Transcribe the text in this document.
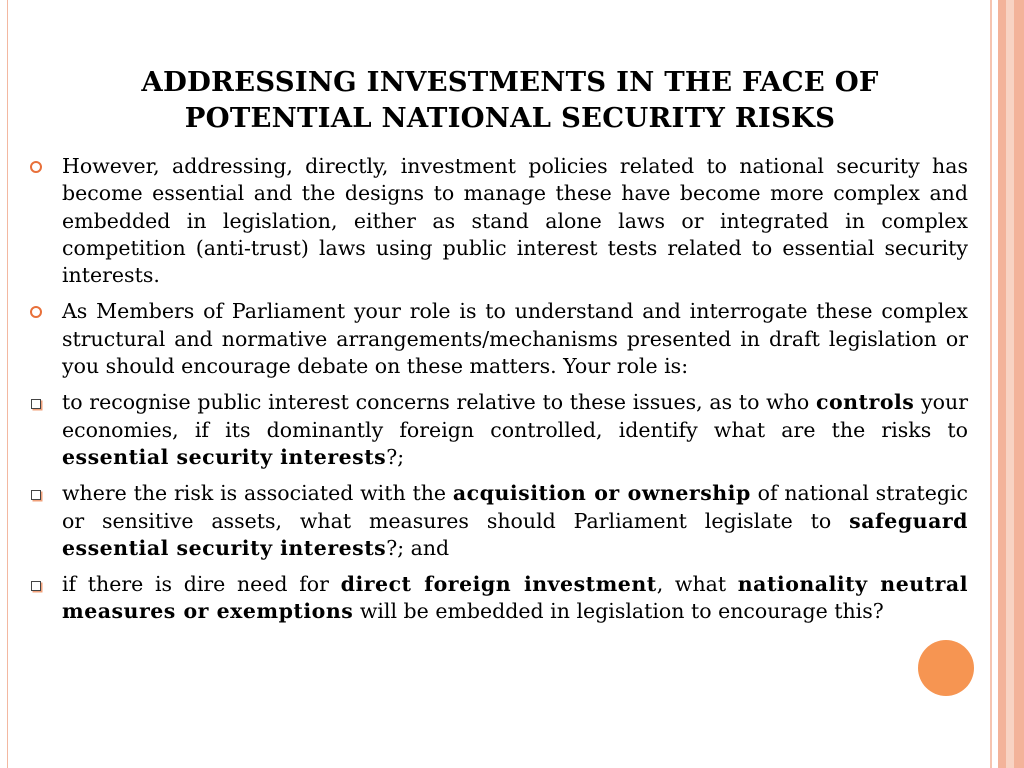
ADDRESSING INVESTMENTS IN THE FACE OF
POTENTIAL NATIONAL SECURITY RISKS
However, addressing, directly, investment policies related to national security has become essential and the designs to manage these have become more complex and embedded in legislation, either as stand alone laws or integrated in complex competition (anti-trust) laws using public interest tests related to essential security interests.
As Members of Parliament your role is to understand and interrogate these complex structural and normative arrangements/mechanisms presented in draft legislation or you should encourage debate on these matters. Your role is:
to recognise public interest concerns relative to these issues, as to who controls your economies, if its dominantly foreign controlled, identify what are the risks to essential security interests?;
where the risk is associated with the acquisition or ownership of national strategic or sensitive assets, what measures should Parliament legislate to safeguard essential security interests?; and
if there is dire need for direct foreign investment, what nationality neutral measures or exemptions will be embedded in legislation to encourage this?
